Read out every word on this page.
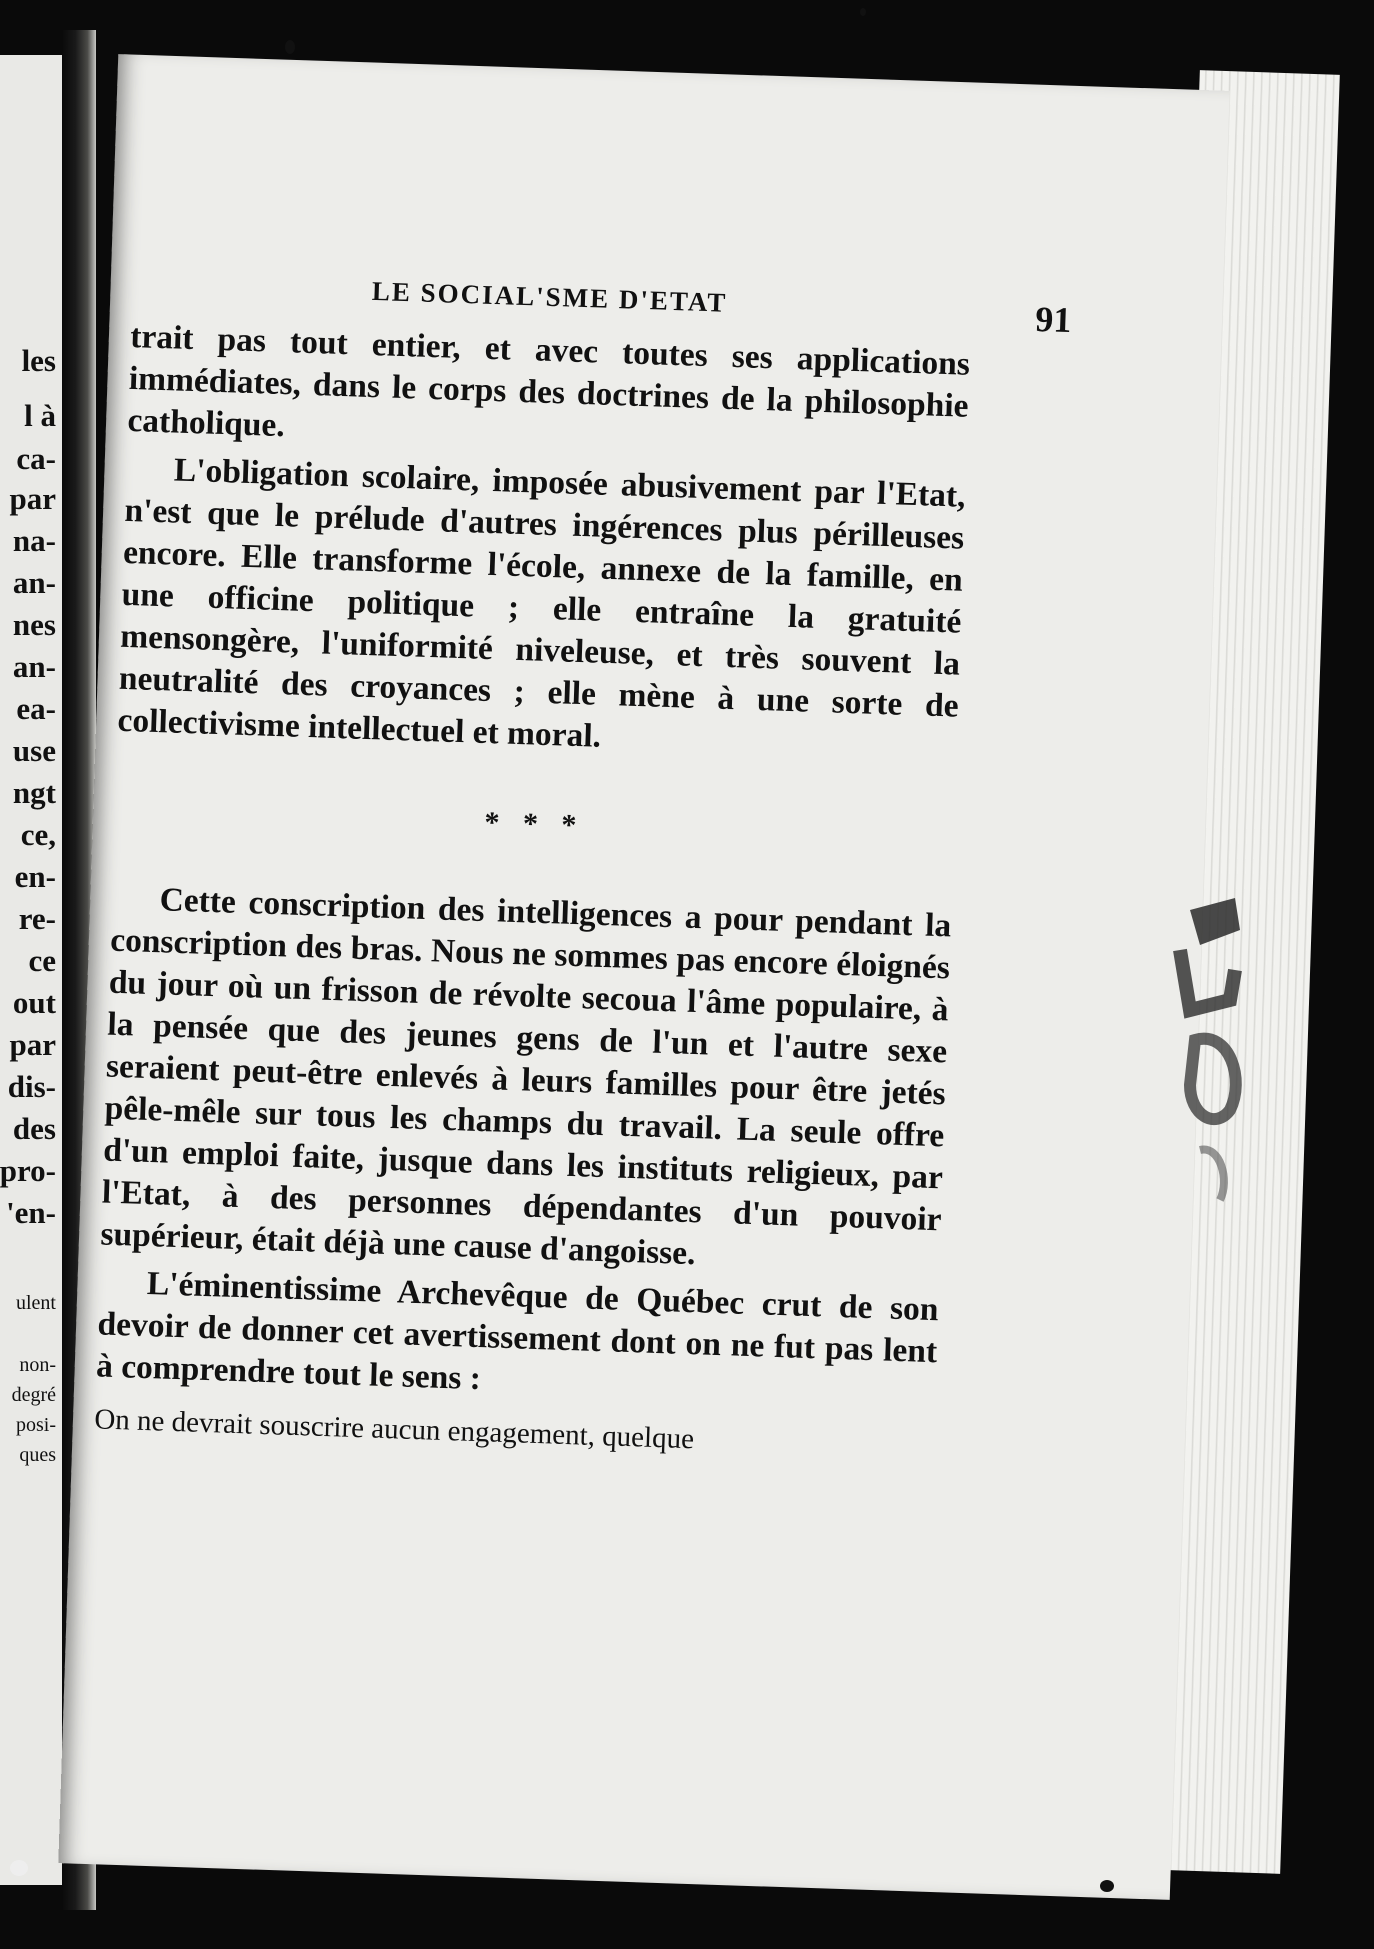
les
l à
ca-
par
na-
an-
nes
an-
ea-
use
ngt
ce,
en-
re-
ce
out
par
dis-
des
pro-
'en-
ulent
non-
degré
posi-
ques
LE SOCIAL'SME D'ETAT
91

trait pas tout entier, et avec toutes ses applications immédiates, dans le corps des doctrines de la philosophie catholique.

L'obligation scolaire, imposée abusivement par l'Etat, n'est que le prélude d'autres ingérences plus périlleuses encore. Elle transforme l'école, annexe de la famille, en une officine politique ; elle entraîne la gratuité mensongère, l'uniformité niveleuse, et très souvent la neutralité des croyances ; elle mène à une sorte de collectivisme intellectuel et moral.

* * *

Cette conscription des intelligences a pour pendant la conscription des bras. Nous ne sommes pas encore éloignés du jour où un frisson de révolte secoua l'âme populaire, à la pensée que des jeunes gens de l'un et l'autre sexe seraient peut-être enlevés à leurs familles pour être jetés pêle-mêle sur tous les champs du travail. La seule offre d'un emploi faite, jusque dans les instituts religieux, par l'Etat, à des personnes dépendantes d'un pouvoir supérieur, était déjà une cause d'angoisse.

L'éminentissime Archevêque de Québec crut de son devoir de donner cet avertissement dont on ne fut pas lent à comprendre tout le sens :

On ne devrait souscrire aucun engagement, quelque
